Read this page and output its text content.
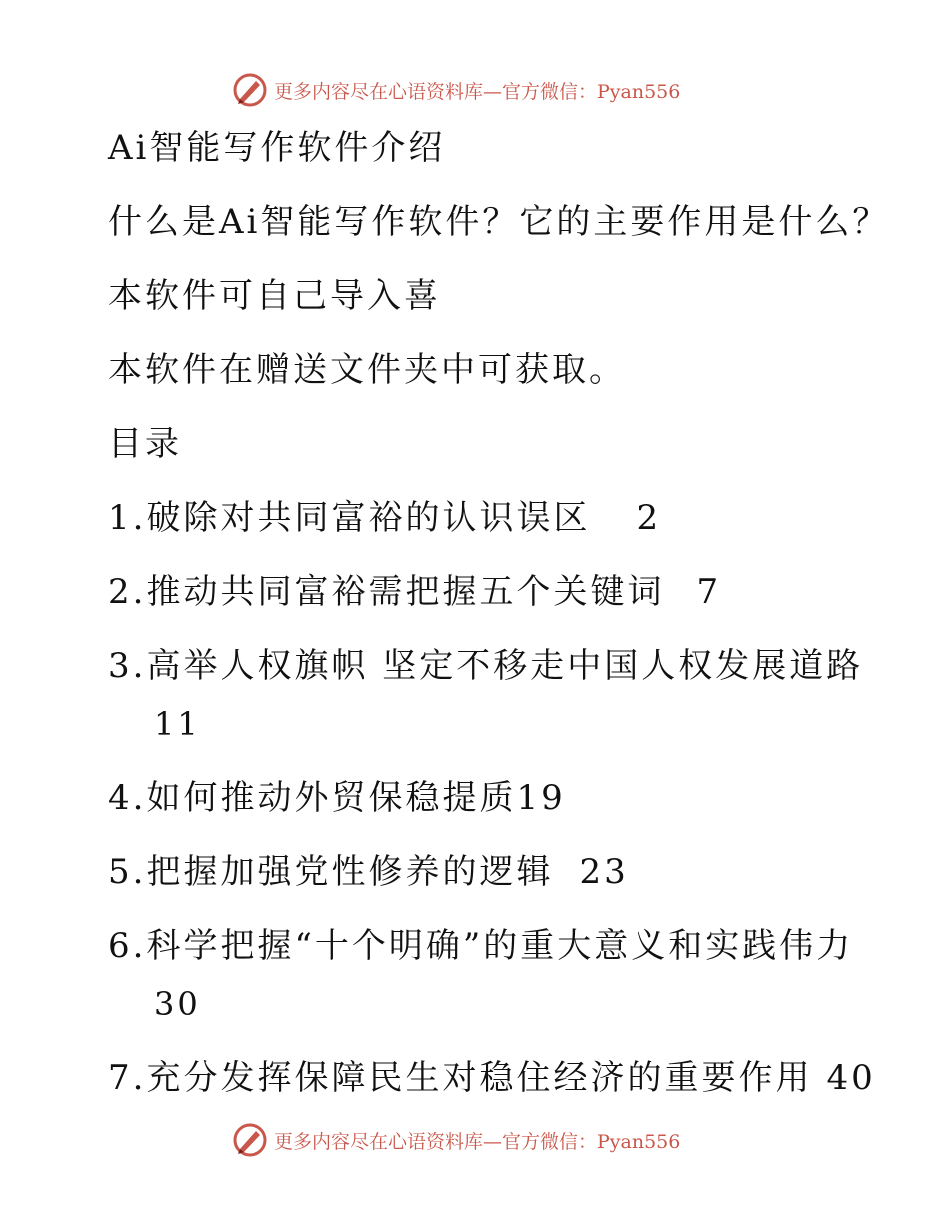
更多内容尽在心语资料库—官方微信：Pyan556
Ai智能写作软件介绍
什么是Ai智能写作软件？它的主要作用是什么？
本软件可自己导入喜
本软件在赠送文件夹中可获取。
目录
1.破除对共同富裕的认识误区 2
2.推动共同富裕需把握五个关键词 7
3.高举人权旗帜 坚定不移走中国人权发展道路
11
4.如何推动外贸保稳提质19
5.把握加强党性修养的逻辑 23
6.科学把握“十个明确”的重大意义和实践伟力
30
7.充分发挥保障民生对稳住经济的重要作用 40
更多内容尽在心语资料库—官方微信：Pyan556
